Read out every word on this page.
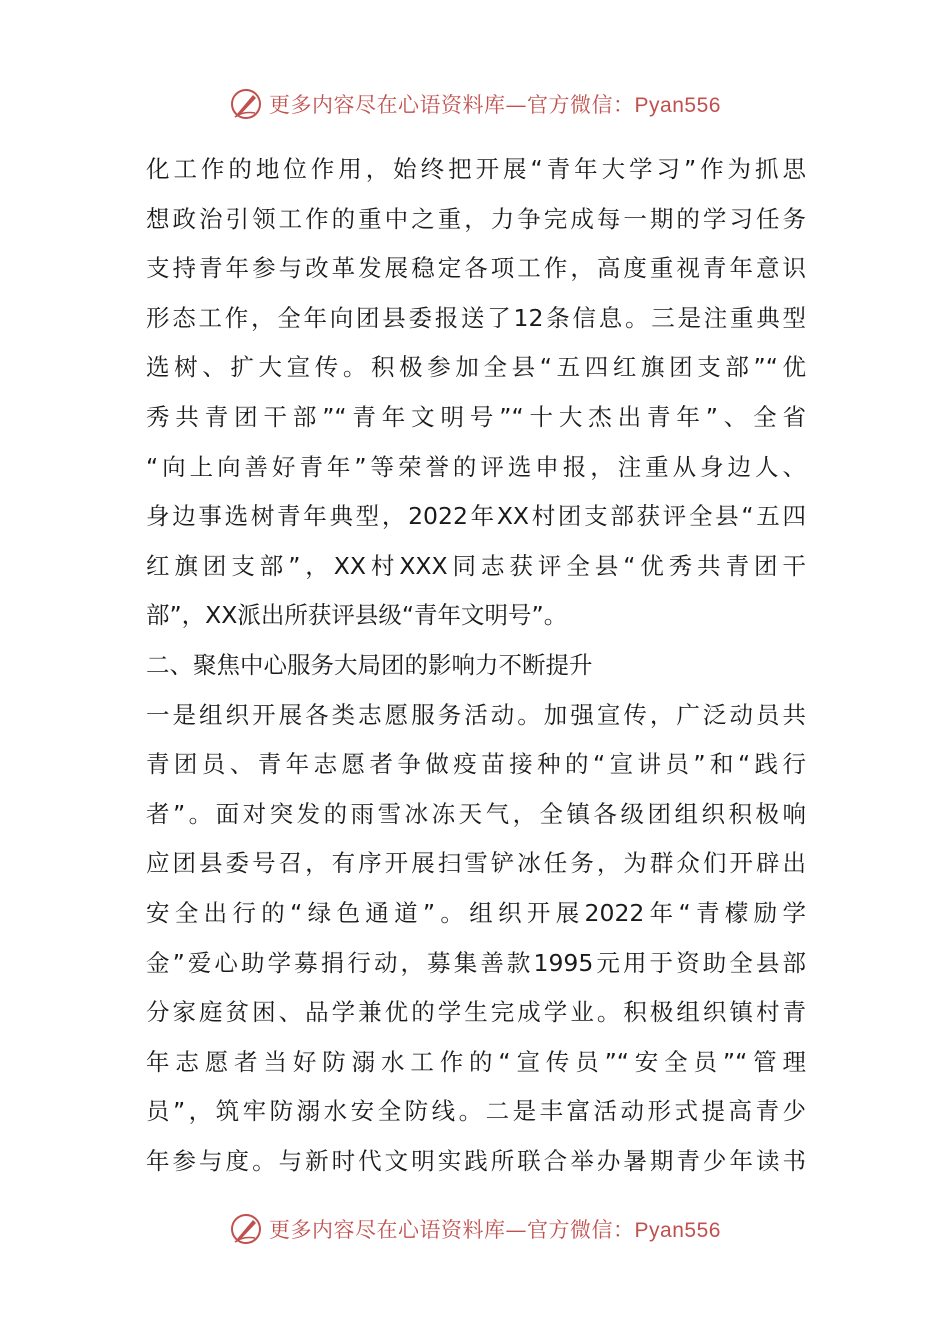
更多内容尽在心语资料库—官方微信：Pyan556
化工作的地位作用，始终把开展“青年大学习”作为抓思
想政治引领工作的重中之重，力争完成每一期的学习任务
支持青年参与改革发展稳定各项工作，高度重视青年意识
形态工作，全年向团县委报送了12条信息。三是注重典型
选树、扩大宣传。积极参加全县“五四红旗团支部”“优
秀共青团干部”“青年文明号”“十大杰出青年”、全省
“向上向善好青年”等荣誉的评选申报，注重从身边人、
身边事选树青年典型，2022年XX村团支部获评全县“五四
红旗团支部”，XX村XXX同志获评全县“优秀共青团干
部”，XX派出所获评县级“青年文明号”。
二、聚焦中心服务大局团的影响力不断提升
一是组织开展各类志愿服务活动。加强宣传，广泛动员共
青团员、青年志愿者争做疫苗接种的“宣讲员”和“践行
者”。面对突发的雨雪冰冻天气，全镇各级团组织积极响
应团县委号召，有序开展扫雪铲冰任务，为群众们开辟出
安全出行的“绿色通道”。组织开展2022年“青檬励学
金”爱心助学募捐行动，募集善款1995元用于资助全县部
分家庭贫困、品学兼优的学生完成学业。积极组织镇村青
年志愿者当好防溺水工作的“宣传员”“安全员”“管理
员”，筑牢防溺水安全防线。二是丰富活动形式提高青少
年参与度。与新时代文明实践所联合举办暑期青少年读书
更多内容尽在心语资料库—官方微信：Pyan556
